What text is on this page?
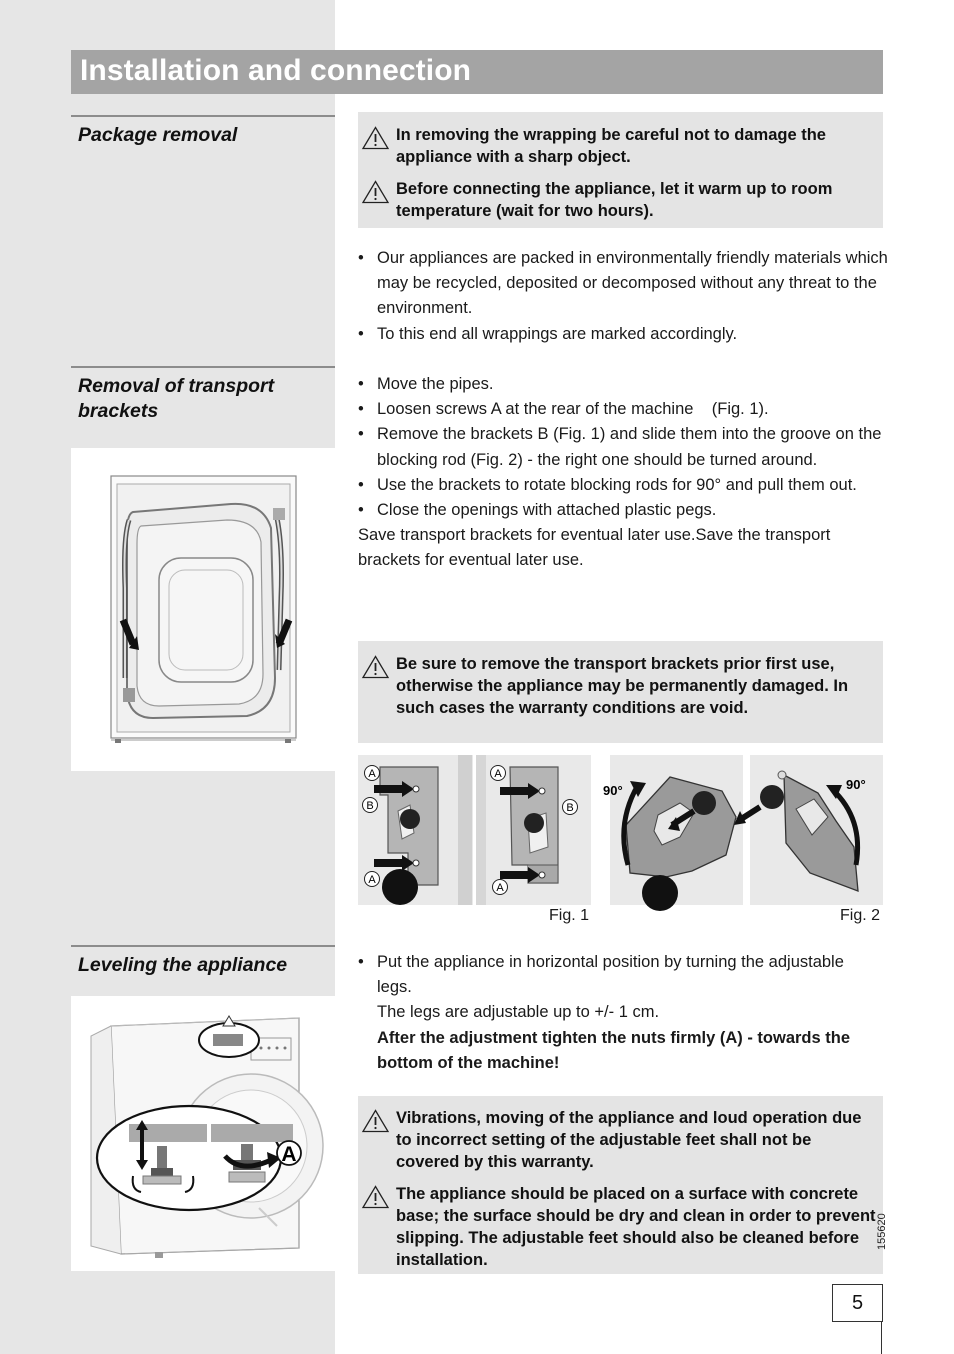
Installation and connection
Package removal	In removing the wrapping be careful not to damage the appliance with a sharp object.
Before connecting the appliance, let it warm up to room temperature (wait for two hours).
• Our appliances are packed in environmentally friendly materials which may be recycled, deposited or decomposed without any threat to the environment.
• To this end all wrappings are marked accordingly.
Removal of transport brackets
• Move the pipes.
• Loosen screws A at the rear of the machine    (Fig. 1).
• Remove the brackets B (Fig. 1) and slide them into the groove on the blocking rod (Fig. 2) - the right one should be turned around.
• Use the brackets to rotate blocking rods for 90° and pull them out.
• Close the openings with attached plastic pegs.
Save transport brackets for eventual later use.Save the transport brackets for eventual later use.
Be sure to remove the transport brackets prior first use, otherwise the appliance may be permanently damaged. In such cases the warranty conditions are void.
A
B
A
A
B
A
90°	90°
Fig. 1	Fig. 2
Leveling the appliance	• Put the appliance in horizontal position by turning the adjustable legs.
The legs are adjustable up to +/- 1 cm.
After the adjustment tighten the nuts firmly (A) - towards the bottom of the machine!
A
Vibrations, moving of the appliance and loud operation due to incorrect setting of the adjustable feet shall not be covered by this warranty.
The appliance should be placed on a surface with concrete base; the surface should be dry and clean in order to prevent slipping. The adjustable feet should also be cleaned before installation.
155620
5
